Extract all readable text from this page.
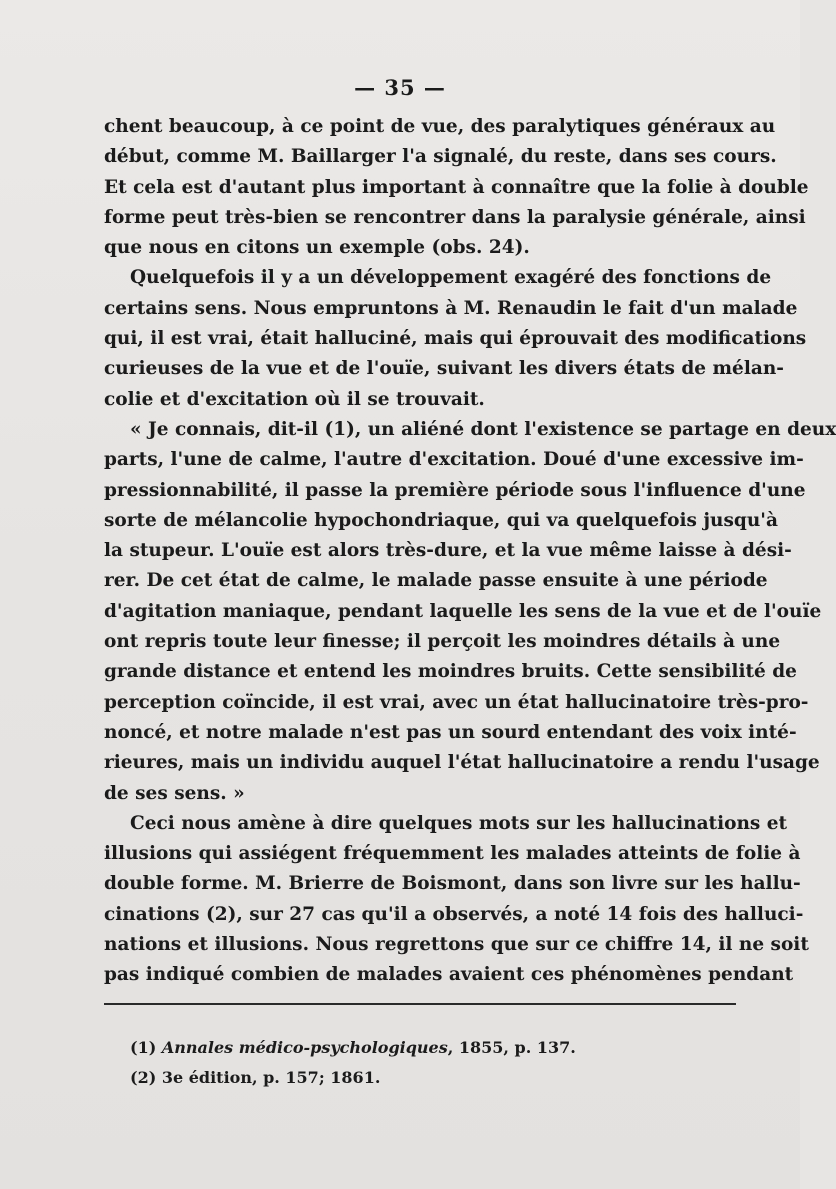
— 35 —
chent beaucoup, à ce point de vue, des paralytiques généraux au
début, comme M. Baillarger l'a signalé, du reste, dans ses cours.
Et cela est d'autant plus important à connaître que la folie à double
forme peut très-bien se rencontrer dans la paralysie générale, ainsi
que nous en citons un exemple (obs. 24).
Quelquefois il y a un développement exagéré des fonctions de
certains sens. Nous empruntons à M. Renaudin le fait d'un malade
qui, il est vrai, était halluciné, mais qui éprouvait des modifications
curieuses de la vue et de l'ouïe, suivant les divers états de mélan-
colie et d'excitation où il se trouvait.
« Je connais, dit-il (1), un aliéné dont l'existence se partage en deux
parts, l'une de calme, l'autre d'excitation. Doué d'une excessive im-
pressionnabilité, il passe la première période sous l'influence d'une
sorte de mélancolie hypochondriaque, qui va quelquefois jusqu'à
la stupeur. L'ouïe est alors très-dure, et la vue même laisse à dési-
rer. De cet état de calme, le malade passe ensuite à une période
d'agitation maniaque, pendant laquelle les sens de la vue et de l'ouïe
ont repris toute leur finesse; il perçoit les moindres détails à une
grande distance et entend les moindres bruits. Cette sensibilité de
perception coïncide, il est vrai, avec un état hallucinatoire très-pro-
noncé, et notre malade n'est pas un sourd entendant des voix inté-
rieures, mais un individu auquel l'état hallucinatoire a rendu l'usage
de ses sens. »
Ceci nous amène à dire quelques mots sur les hallucinations et
illusions qui assiégent fréquemment les malades atteints de folie à
double forme. M. Brierre de Boismont, dans son livre sur les hallu-
cinations (2), sur 27 cas qu'il a observés, a noté 14 fois des halluci-
nations et illusions. Nous regrettons que sur ce chiffre 14, il ne soit
pas indiqué combien de malades avaient ces phénomènes pendant
(1) Annales médico-psychologiques, 1855, p. 137.
(2) 3e édition, p. 157; 1861.
